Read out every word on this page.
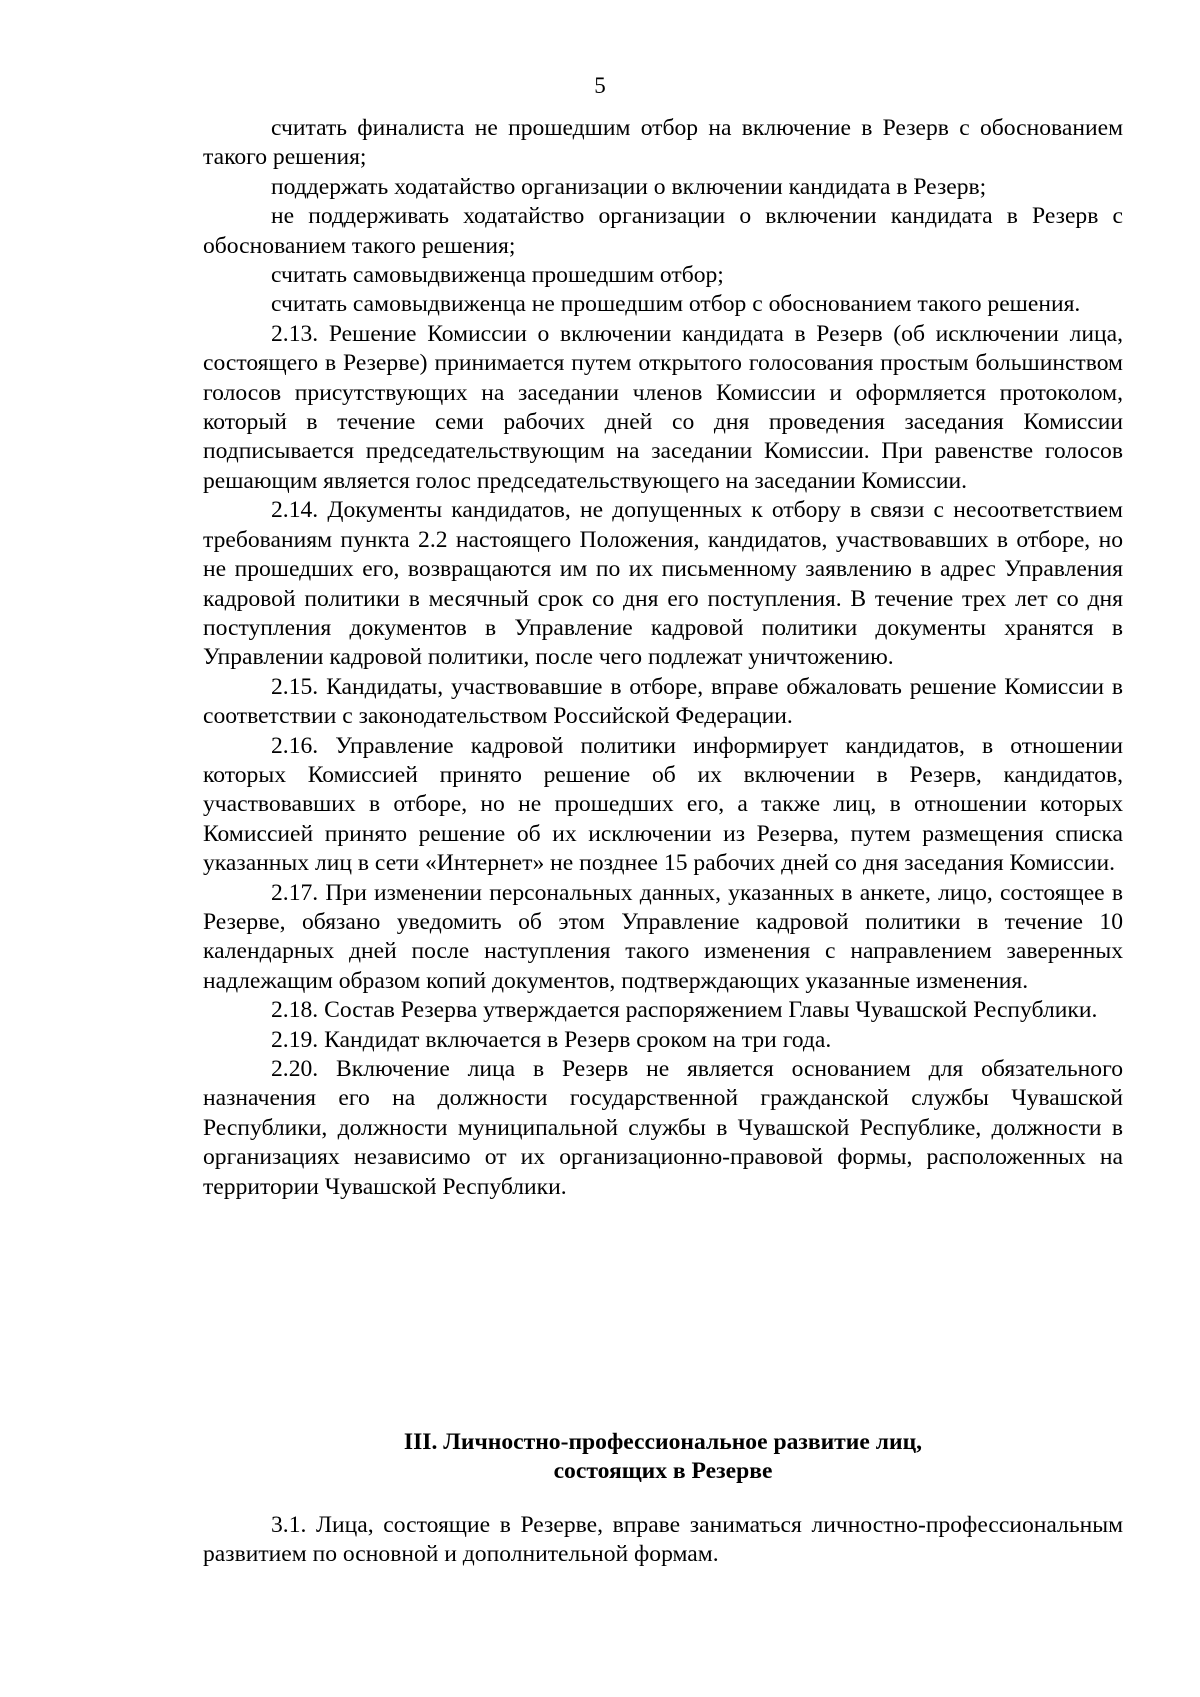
5

считать финалиста не прошедшим отбор на включение в Резерв с обоснованием такого решения;

поддержать ходатайство организации о включении кандидата в Резерв;

не поддерживать ходатайство организации о включении кандидата в Резерв с обоснованием такого решения;

считать самовыдвиженца прошедшим отбор;

считать самовыдвиженца не прошедшим отбор с обоснованием такого решения.

2.13. Решение Комиссии о включении кандидата в Резерв (об исключении лица, состоящего в Резерве) принимается путем открытого голосования простым большинством голосов присутствующих на заседании членов Комиссии и оформляется протоколом, который в течение семи рабочих дней со дня проведения заседания Комиссии подписывается председательствующим на заседании Комиссии. При равенстве голосов решающим является голос председательствующего на заседании Комиссии.

2.14. Документы кандидатов, не допущенных к отбору в связи с несоответствием требованиям пункта 2.2 настоящего Положения, кандидатов, участвовавших в отборе, но не прошедших его, возвращаются им по их письменному заявлению в адрес Управления кадровой политики в месячный срок со дня его поступления. В течение трех лет со дня поступления документов в Управление кадровой политики документы хранятся в Управлении кадровой политики, после чего подлежат уничтожению.

2.15. Кандидаты, участвовавшие в отборе, вправе обжаловать решение Комиссии в соответствии с законодательством Российской Федерации.

2.16. Управление кадровой политики информирует кандидатов, в отношении которых Комиссией принято решение об их включении в Резерв, кандидатов, участвовавших в отборе, но не прошедших его, а также лиц, в отношении которых Комиссией принято решение об их исключении из Резерва, путем размещения списка указанных лиц в сети «Интернет» не позднее 15 рабочих дней со дня заседания Комиссии.

2.17. При изменении персональных данных, указанных в анкете, лицо, состоящее в Резерве, обязано уведомить об этом Управление кадровой политики в течение 10 календарных дней после наступления такого изменения с направлением заверенных надлежащим образом копий документов, подтверждающих указанные изменения.

2.18. Состав Резерва утверждается распоряжением Главы Чувашской Республики.

2.19. Кандидат включается в Резерв сроком на три года.

2.20. Включение лица в Резерв не является основанием для обязательного назначения его на должности государственной гражданской службы Чувашской Республики, должности муниципальной службы в Чувашской Республике, должности в организациях независимо от их организационно-правовой формы, расположенных на территории Чувашской Республики.

III. Личностно-профессиональное развитие лиц,
состоящих в Резерве

3.1. Лица, состоящие в Резерве, вправе заниматься личностно-профессиональным развитием по основной и дополнительной формам.
